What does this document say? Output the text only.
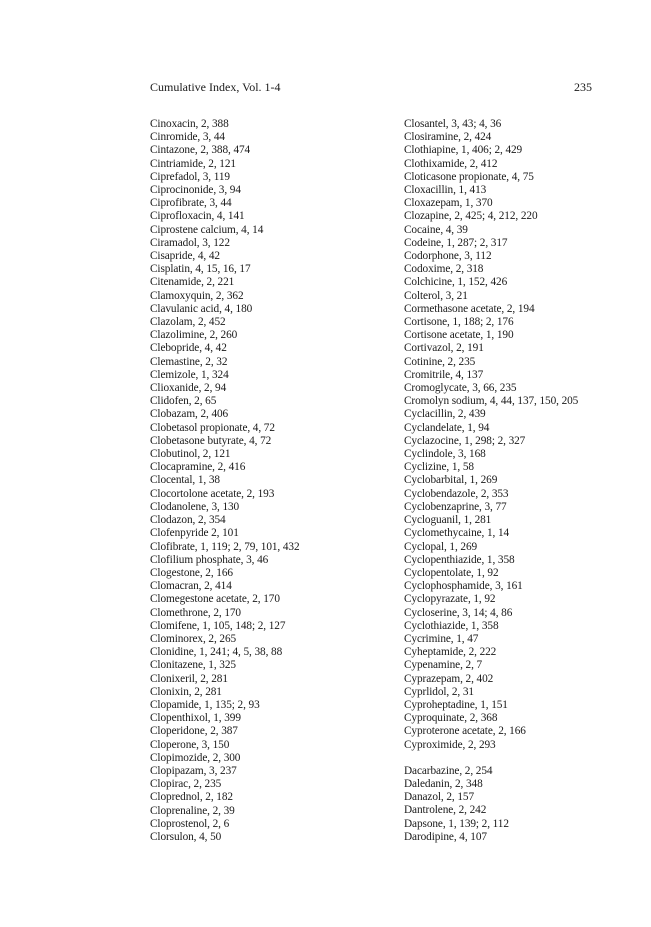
Cumulative Index, Vol. 1-4	235
Cinoxacin, 2, 388
Cinromide, 3, 44
Cintazone, 2, 388, 474
Cintriamide, 2, 121
Ciprefadol, 3, 119
Ciprocinonide, 3, 94
Ciprofibrate, 3, 44
Ciprofloxacin, 4, 141
Ciprostene calcium, 4, 14
Ciramadol, 3, 122
Cisapride, 4, 42
Cisplatin, 4, 15, 16, 17
Citenamide, 2, 221
Clamoxyquin, 2, 362
Clavulanic acid, 4, 180
Clazolam, 2, 452
Clazolimine, 2, 260
Clebopride, 4, 42
Clemastine, 2, 32
Clemizole, 1, 324
Clioxanide, 2, 94
Clidofen, 2, 65
Clobazam, 2, 406
Clobetasol propionate, 4, 72
Clobetasone butyrate, 4, 72
Clobutinol, 2, 121
Clocapramine, 2, 416
Clocental, 1, 38
Clocortolone acetate, 2, 193
Clodanolene, 3, 130
Clodazon, 2, 354
Clofenpyride 2, 101
Clofibrate, 1, 119; 2, 79, 101, 432
Clofilium phosphate, 3, 46
Clogestone, 2, 166
Clomacran, 2, 414
Clomegestone acetate, 2, 170
Clomethrone, 2, 170
Clomifene, 1, 105, 148; 2, 127
Clominorex, 2, 265
Clonidine, 1, 241; 4, 5, 38, 88
Clonitazene, 1, 325
Clonixeril, 2, 281
Clonixin, 2, 281
Clopamide, 1, 135; 2, 93
Clopenthixol, 1, 399
Cloperidone, 2, 387
Cloperone, 3, 150
Clopimozide, 2, 300
Clopipazam, 3, 237
Clopirac, 2, 235
Cloprednol, 2, 182
Cloprenaline, 2, 39
Cloprostenol, 2, 6
Clorsulon, 4, 50
Closantel, 3, 43; 4, 36
Closiramine, 2, 424
Clothiapine, 1, 406; 2, 429
Clothixamide, 2, 412
Cloticasone propionate, 4, 75
Cloxacillin, 1, 413
Cloxazepam, 1, 370
Clozapine, 2, 425; 4, 212, 220
Cocaine, 4, 39
Codeine, 1, 287; 2, 317
Codorphone, 3, 112
Codoxime, 2, 318
Colchicine, 1, 152, 426
Colterol, 3, 21
Cormethasone acetate, 2, 194
Cortisone, 1, 188; 2, 176
Cortisone acetate, 1, 190
Cortivazol, 2, 191
Cotinine, 2, 235
Cromitrile, 4, 137
Cromoglycate, 3, 66, 235
Cromolyn sodium, 4, 44, 137, 150, 205
Cyclacillin, 2, 439
Cyclandelate, 1, 94
Cyclazocine, 1, 298; 2, 327
Cyclindole, 3, 168
Cyclizine, 1, 58
Cyclobarbital, 1, 269
Cyclobendazole, 2, 353
Cyclobenzaprine, 3, 77
Cycloguanil, 1, 281
Cyclomethycaine, 1, 14
Cyclopal, 1, 269
Cyclopenthiazide, 1, 358
Cyclopentolate, 1, 92
Cyclophosphamide, 3, 161
Cyclopyrazate, 1, 92
Cycloserine, 3, 14; 4, 86
Cyclothiazide, 1, 358
Cycrimine, 1, 47
Cyheptamide, 2, 222
Cypenamine, 2, 7
Cyprazepam, 2, 402
Cyprlidol, 2, 31
Cyproheptadine, 1, 151
Cyproquinate, 2, 368
Cyproterone acetate, 2, 166
Cyproximide, 2, 293
Dacarbazine, 2, 254
Daledanin, 2, 348
Danazol, 2, 157
Dantrolene, 2, 242
Dapsone, 1, 139; 2, 112
Darodipine, 4, 107
